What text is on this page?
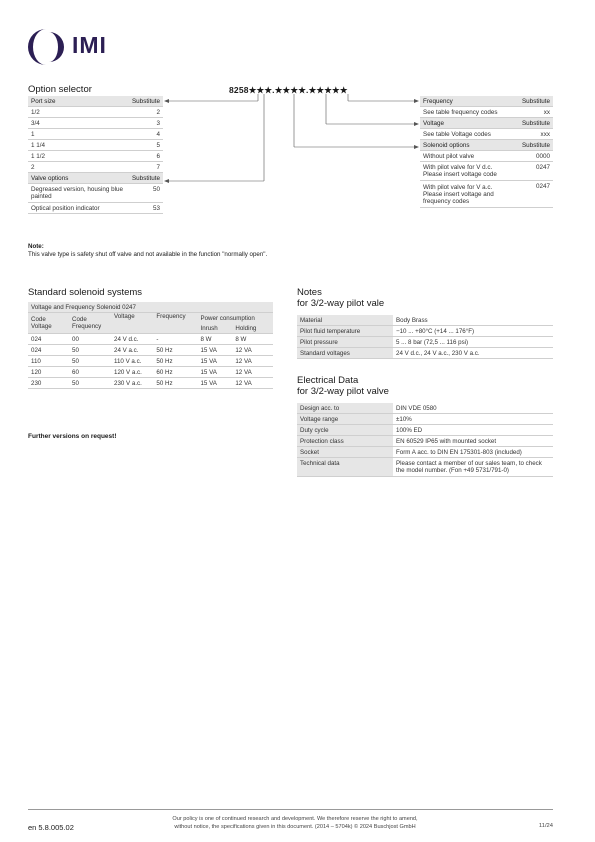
IMI
Option selector	8258★★★.★★★★.★★★★★
Port size	Substitute
1/2	2
3/4	3
1	4
1 1/4	5
1 1/2	6
2	7
Valve options	Substitute
Degreased version, housing blue painted	50
Optical position indicator	53
Frequency	Substitute
See table frequency codes	xx
Voltage	Substitute
See table Voltage codes	xxx
Solenoid options	Substitute
Without pilot valve	0000
With pilot valve for V d.c.
Please insert voltage code	0247
With pilot valve for V a.c.
Please insert voltage and frequency codes	0247
Note:
This valve type is safety shut off valve and not available in the function "normally open".
Standard solenoid systems
Voltage and Frequency Solenoid 0247					
Code Voltage	Code Frequency	Voltage	Frequency	Power consumption	
				Inrush	Holding
024	00	24 V d.c.	-	8 W	8 W
024	50	24 V a.c.	50 Hz	15 VA	12 VA
110	50	110 V a.c.	50 Hz	15 VA	12 VA
120	60	120 V a.c.	60 Hz	15 VA	12 VA
230	50	230 V a.c.	50 Hz	15 VA	12 VA
Further versions on request!
Notes
for 3/2-way pilot vale
Material	Body Brass
Pilot fluid temperature	−10 ... +80°C (+14 ... 176°F)
Pilot pressure	5 ... 8 bar (72,5 ... 116 psi)
Standard voltages	24 V d.c., 24 V a.c., 230 V a.c.
Electrical Data
for 3/2-way pilot valve
Design acc. to	DIN VDE 0580
Voltage range	±10%
Duty cycle	100% ED
Protection class	EN 60529 IP65 with mounted socket
Socket	Form A acc. to DIN EN 175301-803 (included)
Technical data	Please contact a member of our sales team, to check the model number. (Fon +49 5731/791-0)
en 5.8.005.02
Our policy is one of continued research and development. We therefore reserve the right to amend,
without notice, the specifications given in this document. (2014 – 5704k) © 2024 Buschjost GmbH	11/24
